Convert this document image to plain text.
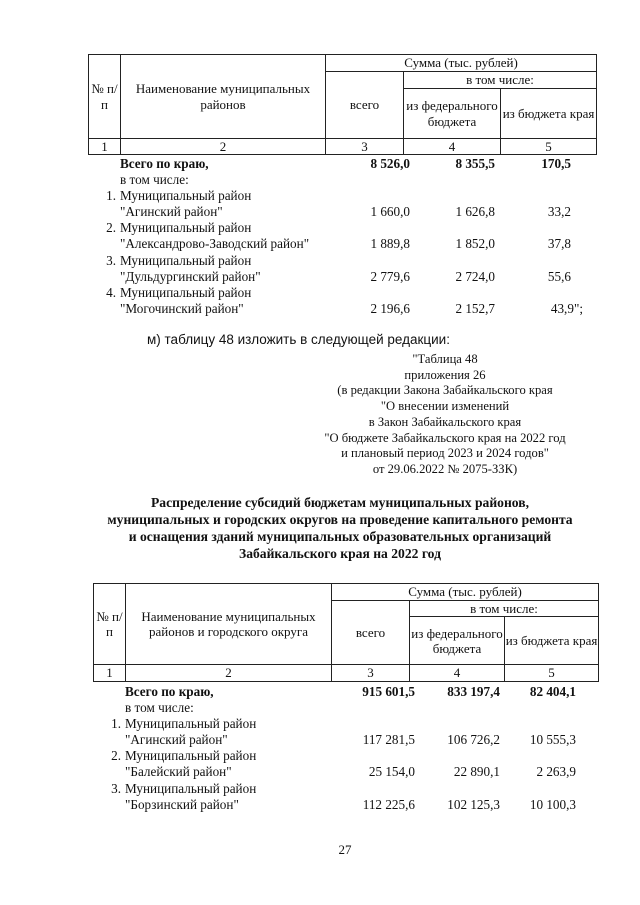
№ п/п	Наименование муниципальных районов	Сумма (тыс. рублей)		
		всего	в том числе:	
			из федерального бюджета	из бюджета края
1	2	3	4	5
Всего по краю,	8 526,0	8 355,5	170,5
в том числе:
1. Муниципальный район
"Агинский район"	1 660,0	1 626,8	33,2
2. Муниципальный район
"Александрово-Заводский район"	1 889,8	1 852,0	37,8
3. Муниципальный район
"Дульдургинский район"	2 779,6	2 724,0	55,6
4. Муниципальный район
"Могочинский район"	2 196,6	2 152,7	43,9";
м) таблицу 48 изложить в следующей редакции:
"Таблица 48
приложения 26
(в редакции Закона Забайкальского края
"О внесении изменений
в Закон Забайкальского края
"О бюджете Забайкальского края на 2022 год
и плановый период 2023 и 2024 годов"
от 29.06.2022 № 2075-ЗЗК)
Распределение субсидий бюджетам муниципальных районов,
муниципальных и городских округов на проведение капитального ремонта
и оснащения зданий муниципальных образовательных организаций
Забайкальского края на 2022 год
№ п/п	Наименование муниципальных районов и городского округа	Сумма (тыс. рублей)		
		всего	в том числе:	
			из федерального бюджета	из бюджета края
1	2	3	4	5
Всего по краю,	915 601,5	833 197,4	82 404,1
в том числе:
1. Муниципальный район
"Агинский район"	117 281,5	106 726,2	10 555,3
2. Муниципальный район
"Балейский район"	25 154,0	22 890,1	2 263,9
3. Муниципальный район
"Борзинский район"	112 225,6	102 125,3	10 100,3
27
